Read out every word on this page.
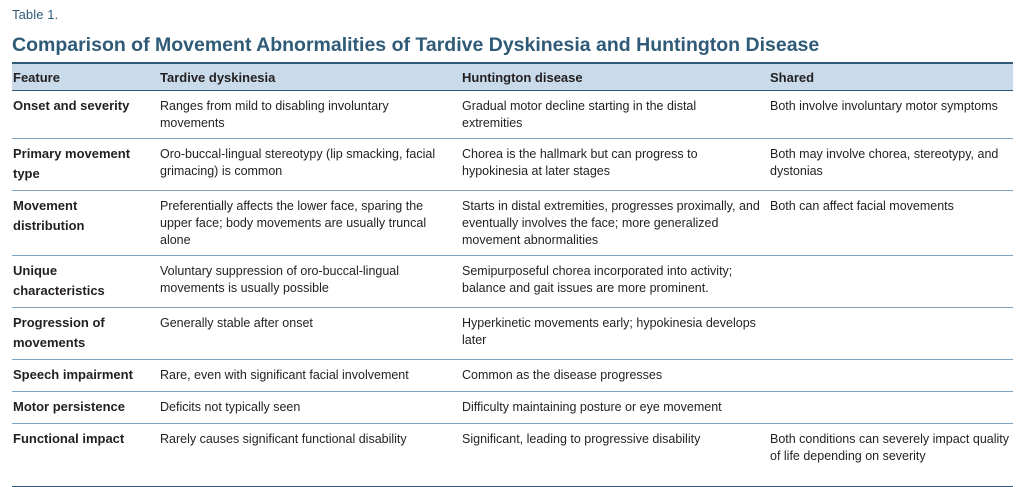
Table 1.
Comparison of Movement Abnormalities of Tardive Dyskinesia and Huntington Disease
Feature	Tardive dyskinesia	Huntington disease	Shared
Onset and severity	Ranges from mild to disabling involuntary movements	Gradual motor decline starting in the distal extremities	Both involve involuntary motor symptoms
Primary movement type	Oro-buccal-lingual stereotypy (lip smacking, facial grimacing) is common	Chorea is the hallmark but can progress to hypokinesia at later stages	Both may involve chorea, stereotypy, and dystonias
Movement distribution	Preferentially affects the lower face, sparing the upper face; body movements are usually truncal alone	Starts in distal extremities, progresses proximally, and eventually involves the face; more generalized movement abnormalities	Both can affect facial movements
Unique characteristics	Voluntary suppression of oro-buccal-lingual movements is usually possible	Semipurposeful chorea incorporated into activity; balance and gait issues are more prominent.	
Progression of movements	Generally stable after onset	Hyperkinetic movements early; hypokinesia develops later	
Speech impairment	Rare, even with significant facial involvement	Common as the disease progresses	
Motor persistence	Deficits not typically seen	Difficulty maintaining posture or eye movement	
Functional impact	Rarely causes significant functional disability	Significant, leading to progressive disability	Both conditions can severely impact quality of life depending on severity
